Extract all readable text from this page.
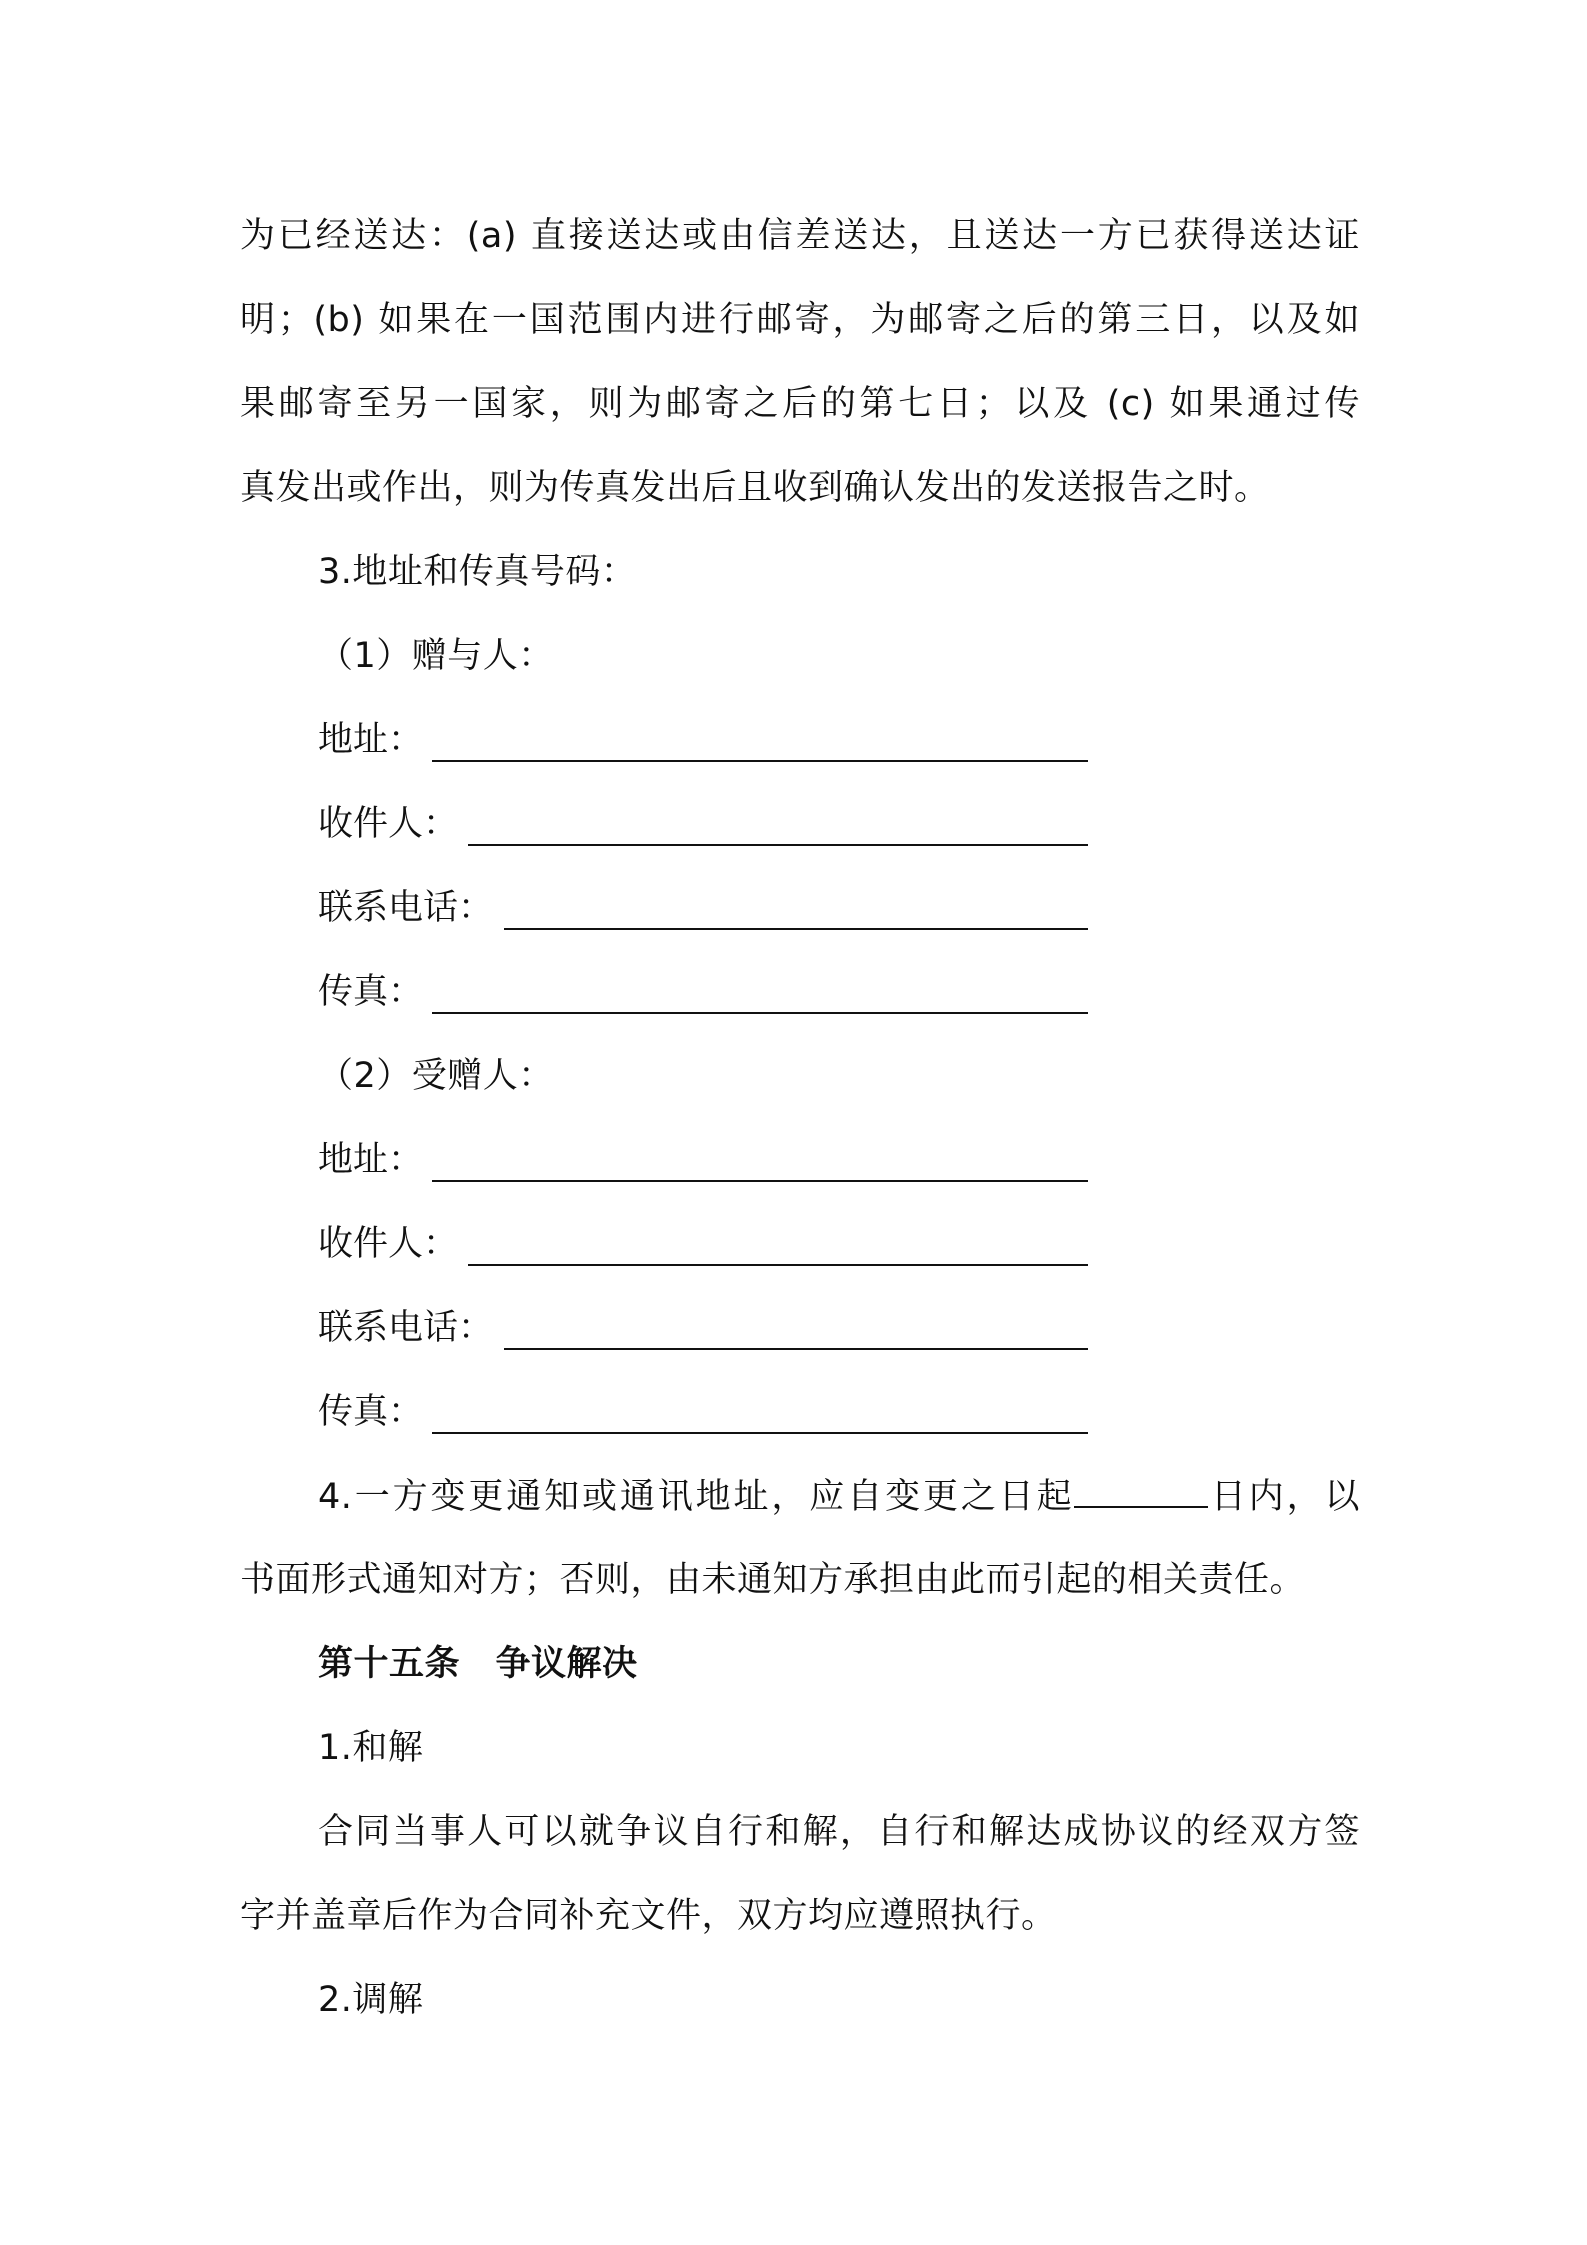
为已经送达：(a) 直接送达或由信差送达，且送达一方已获得送达证
明；(b) 如果在一国范围内进行邮寄，为邮寄之后的第三日，以及如
果邮寄至另一国家，则为邮寄之后的第七日；以及 (c) 如果通过传
真发出或作出，则为传真发出后且收到确认发出的发送报告之时。
3.地址和传真号码：
（1）赠与人：
地址：
收件人：
联系电话：
传真：
（2）受赠人：
地址：
收件人：
联系电话：
传真：
4.一方变更通知或通讯地址，应自变更之日起	日内，以
书面形式通知对方；否则，由未通知方承担由此而引起的相关责任。
第十五条　争议解决
1.和解
合同当事人可以就争议自行和解，自行和解达成协议的经双方签
字并盖章后作为合同补充文件，双方均应遵照执行。
2.调解
